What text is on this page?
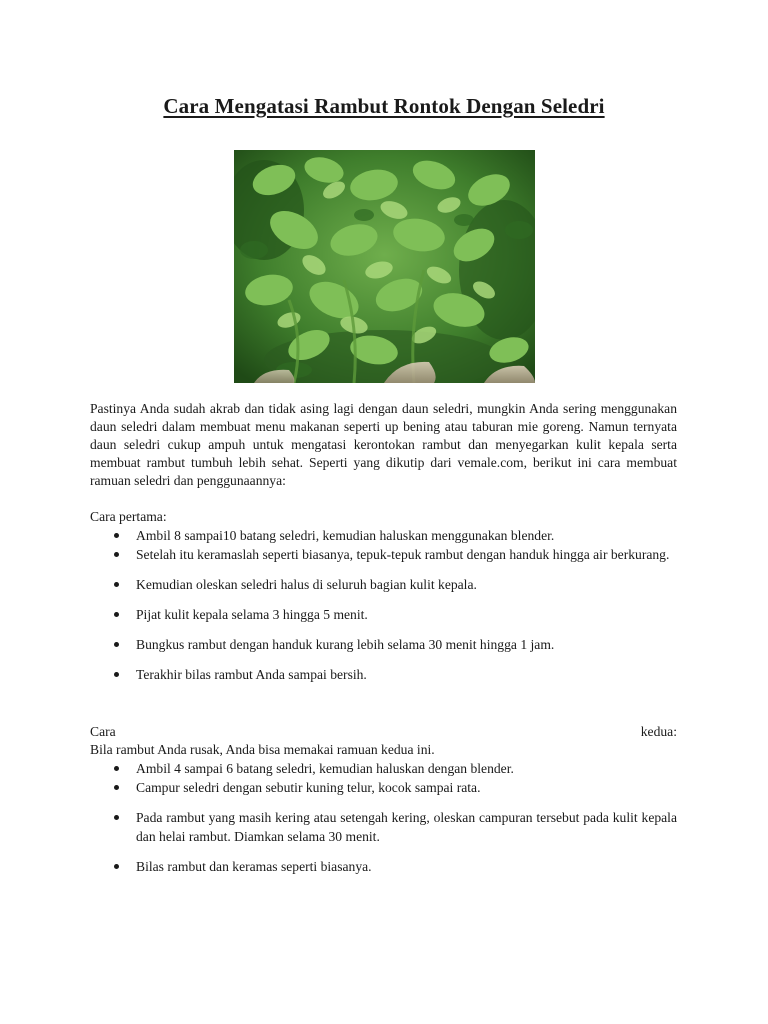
Cara Mengatasi Rambut Rontok Dengan Seledri

Pastinya Anda sudah akrab dan tidak asing lagi dengan daun seledri, mungkin Anda sering menggunakan daun seledri dalam membuat menu makanan seperti up bening atau taburan mie goreng. Namun ternyata daun seledri cukup ampuh untuk mengatasi kerontokan rambut dan menyegarkan kulit kepala serta membuat rambut tumbuh lebih sehat. Seperti yang dikutip dari vemale.com, berikut ini cara membuat ramuan seledri dan penggunaannya:

Cara pertama:
Ambil 8 sampai10 batang seledri, kemudian haluskan menggunakan blender.
Setelah itu keramaslah seperti biasanya, tepuk-tepuk rambut dengan handuk hingga air berkurang.
Kemudian oleskan seledri halus di seluruh bagian kulit kepala.
Pijat kulit kepala selama 3 hingga 5 menit.
Bungkus rambut dengan handuk kurang lebih selama 30 menit hingga 1 jam.
Terakhir bilas rambut Anda sampai bersih.
Cara	kedua:
Bila rambut Anda rusak, Anda bisa memakai ramuan kedua ini.
Ambil 4 sampai 6 batang seledri, kemudian haluskan dengan blender.
Campur seledri dengan sebutir kuning telur, kocok sampai rata.
Pada rambut yang masih kering atau setengah kering, oleskan campuran tersebut pada kulit kepala dan helai rambut. Diamkan selama 30 menit.
Bilas rambut dan keramas seperti biasanya.
